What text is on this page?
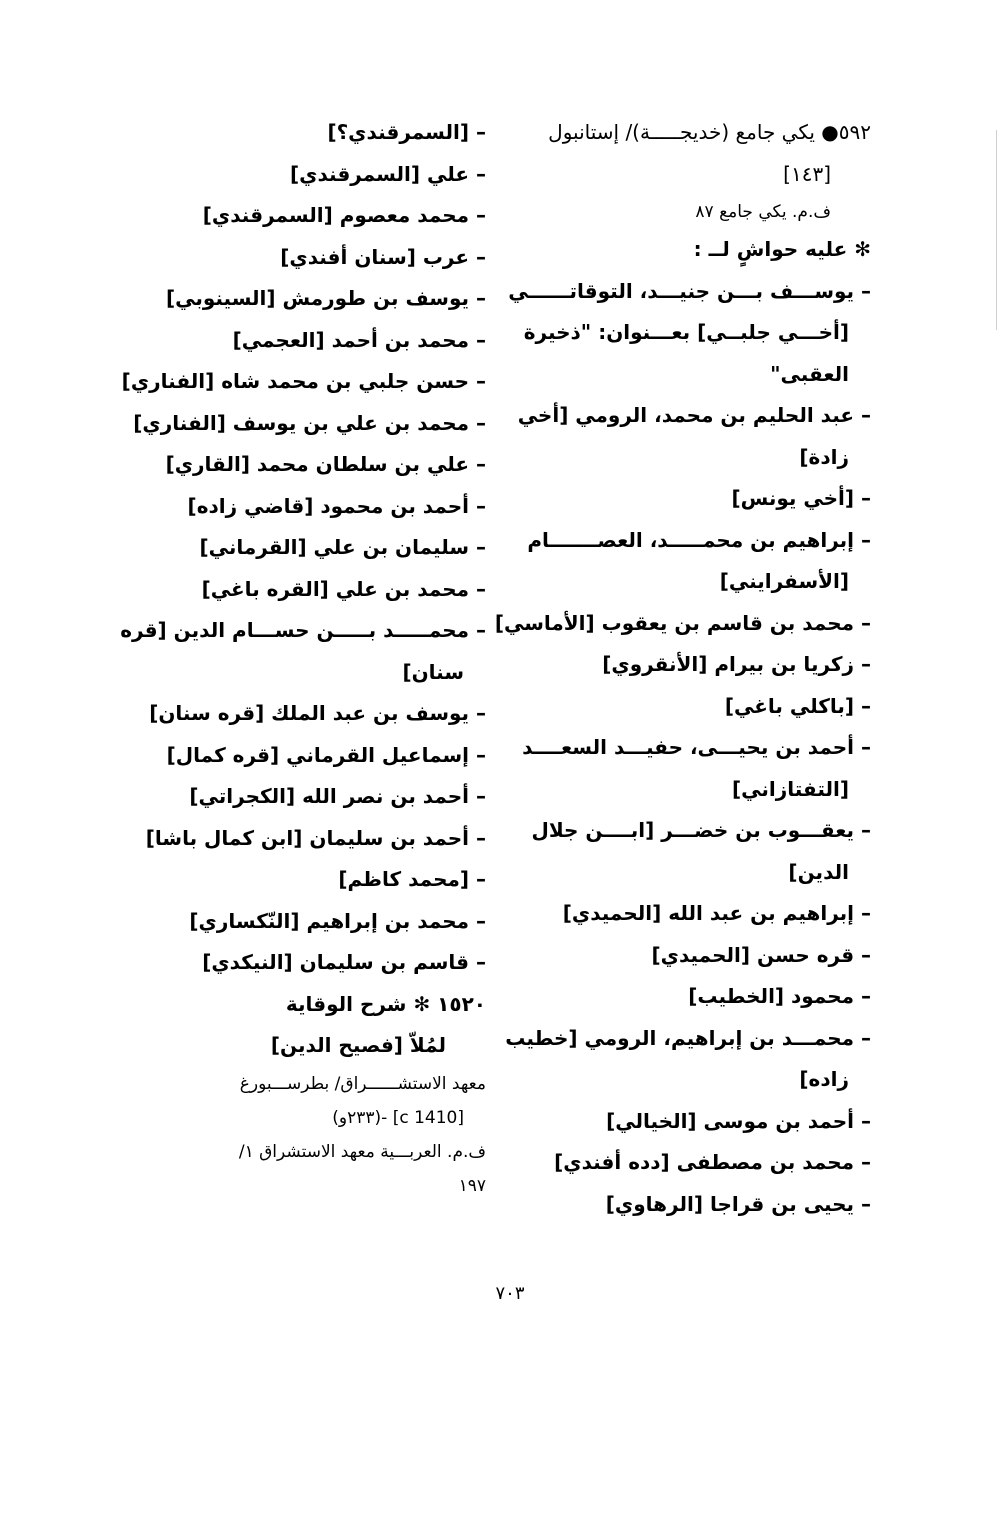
٥٩٢● يكي جامع (خديجـــــة)/ إستانبول
[١٤٣]
ف.م. يكي جامع ٨٧
✻ عليه حواشٍ لــ :
– يوســـف بـــن جنيـــد، التوقاتــــــي
[أخـــي جلبــي] بعـــنوان: "ذخيرة
العقبى"
– عبد الحليم بن محمد، الرومي [أخي
زادة]
– [أخي يونس]
– إبراهيم بن محمـــــد، العصـــــــام
[الأسفرايني]
– محمد بن قاسم بن يعقوب [الأماسي]
– زكريا بن بيرام [الأنقروي]
– [باكلي باغي]
– أحمد بن يحيـــى، حفيـــد السعــــد
[التفتازاني]
– يعقـــوب بن خضـــر [ابــــن جلال
الدين]
– إبراهيم بن عبد الله [الحميدي]
– قره حسن [الحميدي]
– محمود [الخطيب]
– محمـــد بن إبراهيم، الرومي [خطيب
زاده]
– أحمد بن موسى [الخيالي]
– محمد بن مصطفى [دده أفندي]
– يحيى بن قراجا [الرهاوي]
– [السمرقندي؟]
– علي [السمرقندي]
– محمد معصوم [السمرقندي]
– عرب [سنان أفندي]
– يوسف بن طورمش [السينوبي]
– محمد بن أحمد [العجمي]
– حسن جلبي بن محمد شاه [الفناري]
– محمد بن علي بن يوسف [الفناري]
– علي بن سلطان محمد [القاري]
– أحمد بن محمود [قاضي زاده]
– سليمان بن علي [القرماني]
– محمد بن علي [القره باغي]
– محمـــــد بـــــن حســـام الدين [قره
سنان]
– يوسف بن عبد الملك [قره سنان]
– إسماعيل القرماني [قره كمال]
– أحمد بن نصر الله [الكجراتي]
– أحمد بن سليمان [ابن كمال باشا]
– [محمد كاظم]
– محمد بن إبراهيم [النّكساري]
– قاسم بن سليمان [النيكدي]
١٥٢٠ ✻ شرح الوقاية
لمُلاّ [فصيح الدين]
معهد الاستشــــــراق/ بطرســـبورغ
[c 1410] -(٢٣٣و)
ف.م. العربـــية معهد الاستشراق ١/
١٩٧
٧٠٣
